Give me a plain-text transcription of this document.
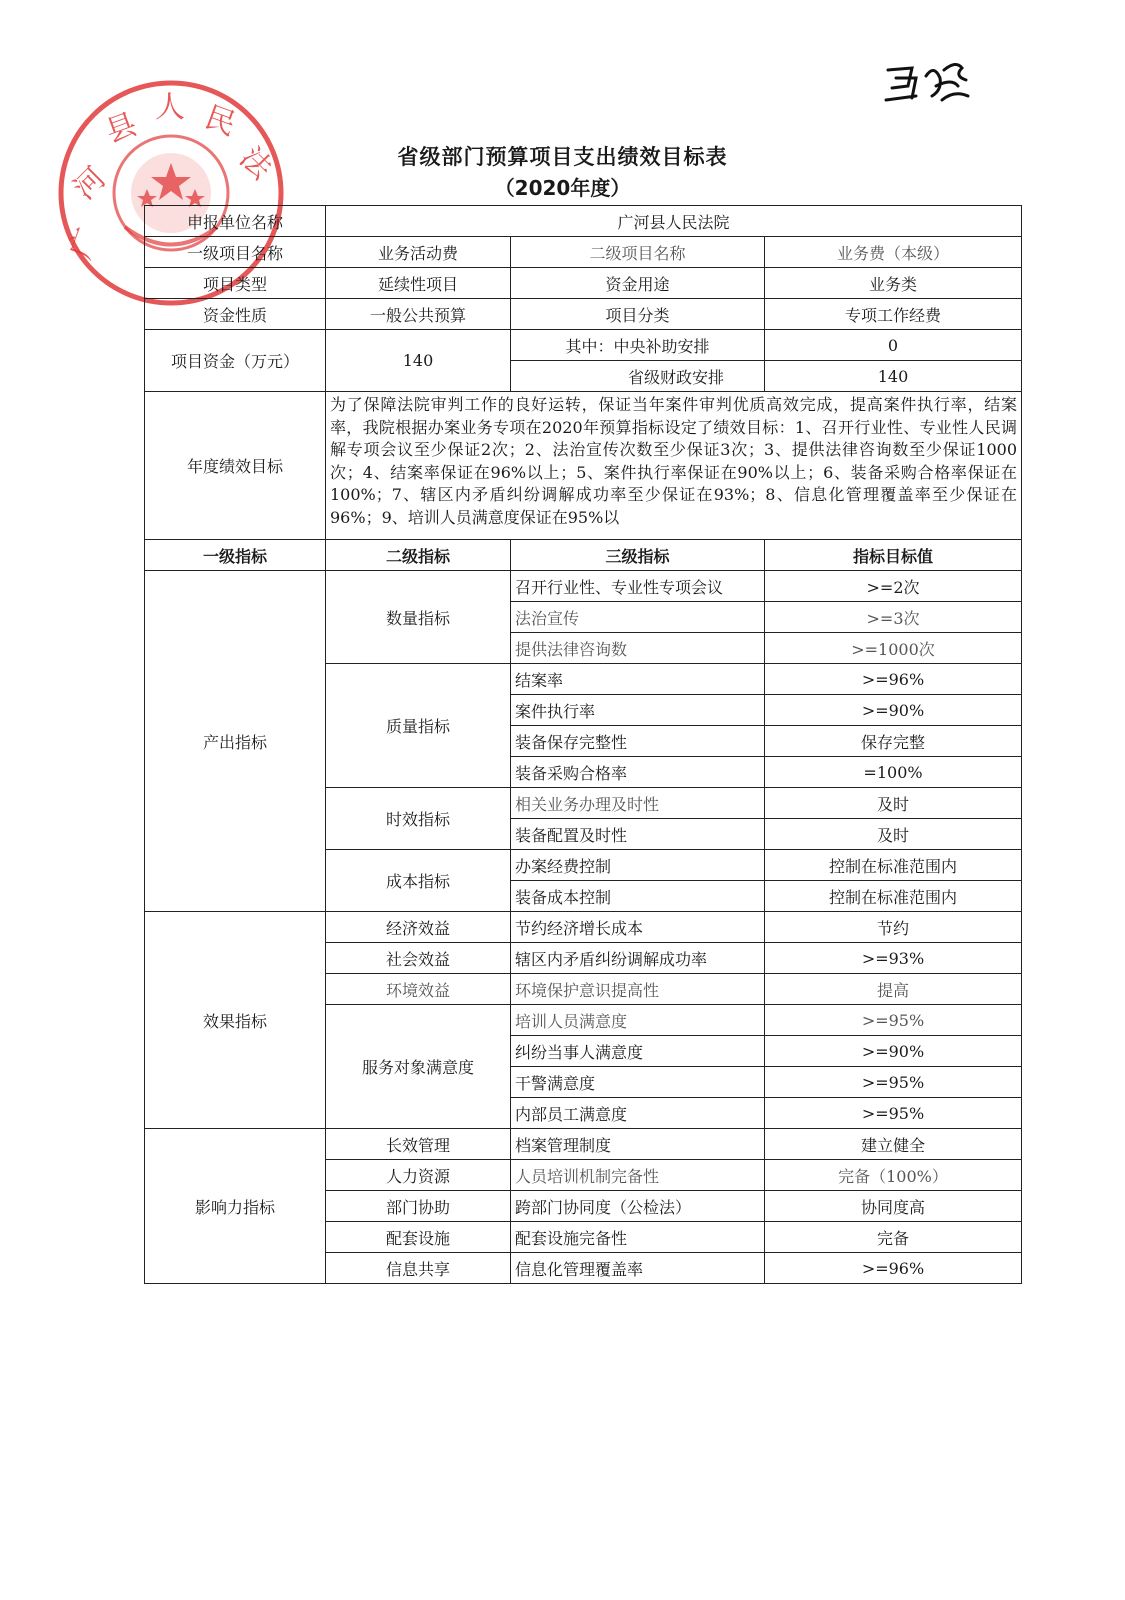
广
河
县 人 民
法	省级部门预算项目支出绩效目标表
（2020年度）
申报单位名称	广河县人民法院		
一级项目名称	业务活动费	二级项目名称	业务费（本级）
项目类型	延续性项目	资金用途	业务类
资金性质	一般公共预算	项目分类	专项工作经费
项目资金（万元）	140	其中：中央补助安排	0
		省级财政安排	140
年度绩效目标	为了保障法院审判工作的良好运转，保证当年案件审判优质高效完成，提高案件执行率，结案率，我院根据办案业务专项在2020年预算指标设定了绩效目标：1、召开行业性、专业性人民调解专项会议至少保证2次；2、法治宣传次数至少保证3次；3、提供法律咨询数至少保证1000次；4、结案率保证在96%以上；5、案件执行率保证在90%以上；6、装备采购合格率保证在100%；7、辖区内矛盾纠纷调解成功率至少保证在93%；8、信息化管理覆盖率至少保证在96%；9、培训人员满意度保证在95%以		
一级指标	二级指标	三级指标	指标目标值
产出指标	数量指标	召开行业性、专业性专项会议	>=2次
		法治宣传	>=3次
		提供法律咨询数	>=1000次
	质量指标	结案率	>=96%
		案件执行率	>=90%
		装备保存完整性	保存完整
		装备采购合格率	=100%
	时效指标	相关业务办理及时性	及时
		装备配置及时性	及时
	成本指标	办案经费控制	控制在标准范围内
		装备成本控制	控制在标准范围内
效果指标	经济效益	节约经济增长成本	节约
	社会效益	辖区内矛盾纠纷调解成功率	>=93%
	环境效益	环境保护意识提高性	提高
	服务对象满意度	培训人员满意度	>=95%
		纠纷当事人满意度	>=90%
		干警满意度	>=95%
		内部员工满意度	>=95%
影响力指标	长效管理	档案管理制度	建立健全
	人力资源	人员培训机制完备性	完备（100%）
	部门协助	跨部门协同度（公检法）	协同度高
	配套设施	配套设施完备性	完备
	信息共享	信息化管理覆盖率	>=96%
